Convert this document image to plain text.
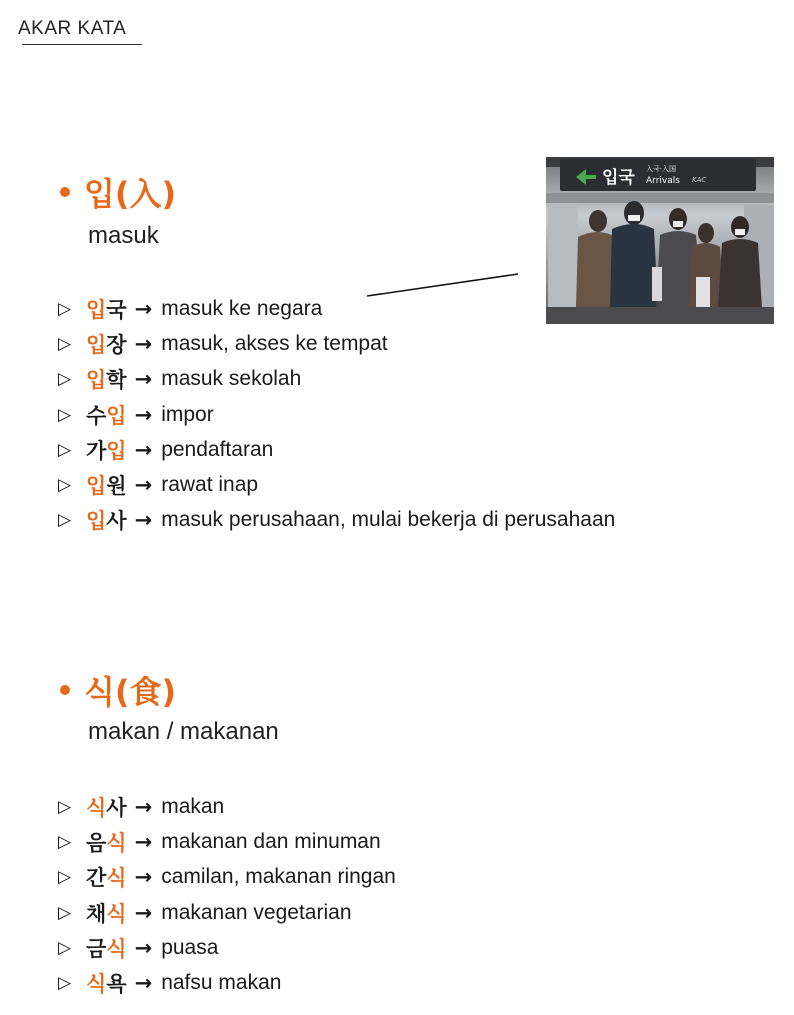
AKAR KATA
입(入)
masuk
▷ 입국 → masuk ke negara
▷ 입장 → masuk, akses ke tempat
▷ 입학 → masuk sekolah
▷ 수입 → impor
▷ 가입 → pendaftaran
▷ 입원 → rawat inap
▷ 입사 → masuk perusahaan, mulai bekerja di perusahaan
식(食)
makan / makanan
▷ 식사 → makan
▷ 음식 → makanan dan minuman
▷ 간식 → camilan, makanan ringan
▷ 채식 → makanan vegetarian
▷ 금식 → puasa
▷ 식욕 → nafsu makan
입국 入국·入国
Arrivals KAC
